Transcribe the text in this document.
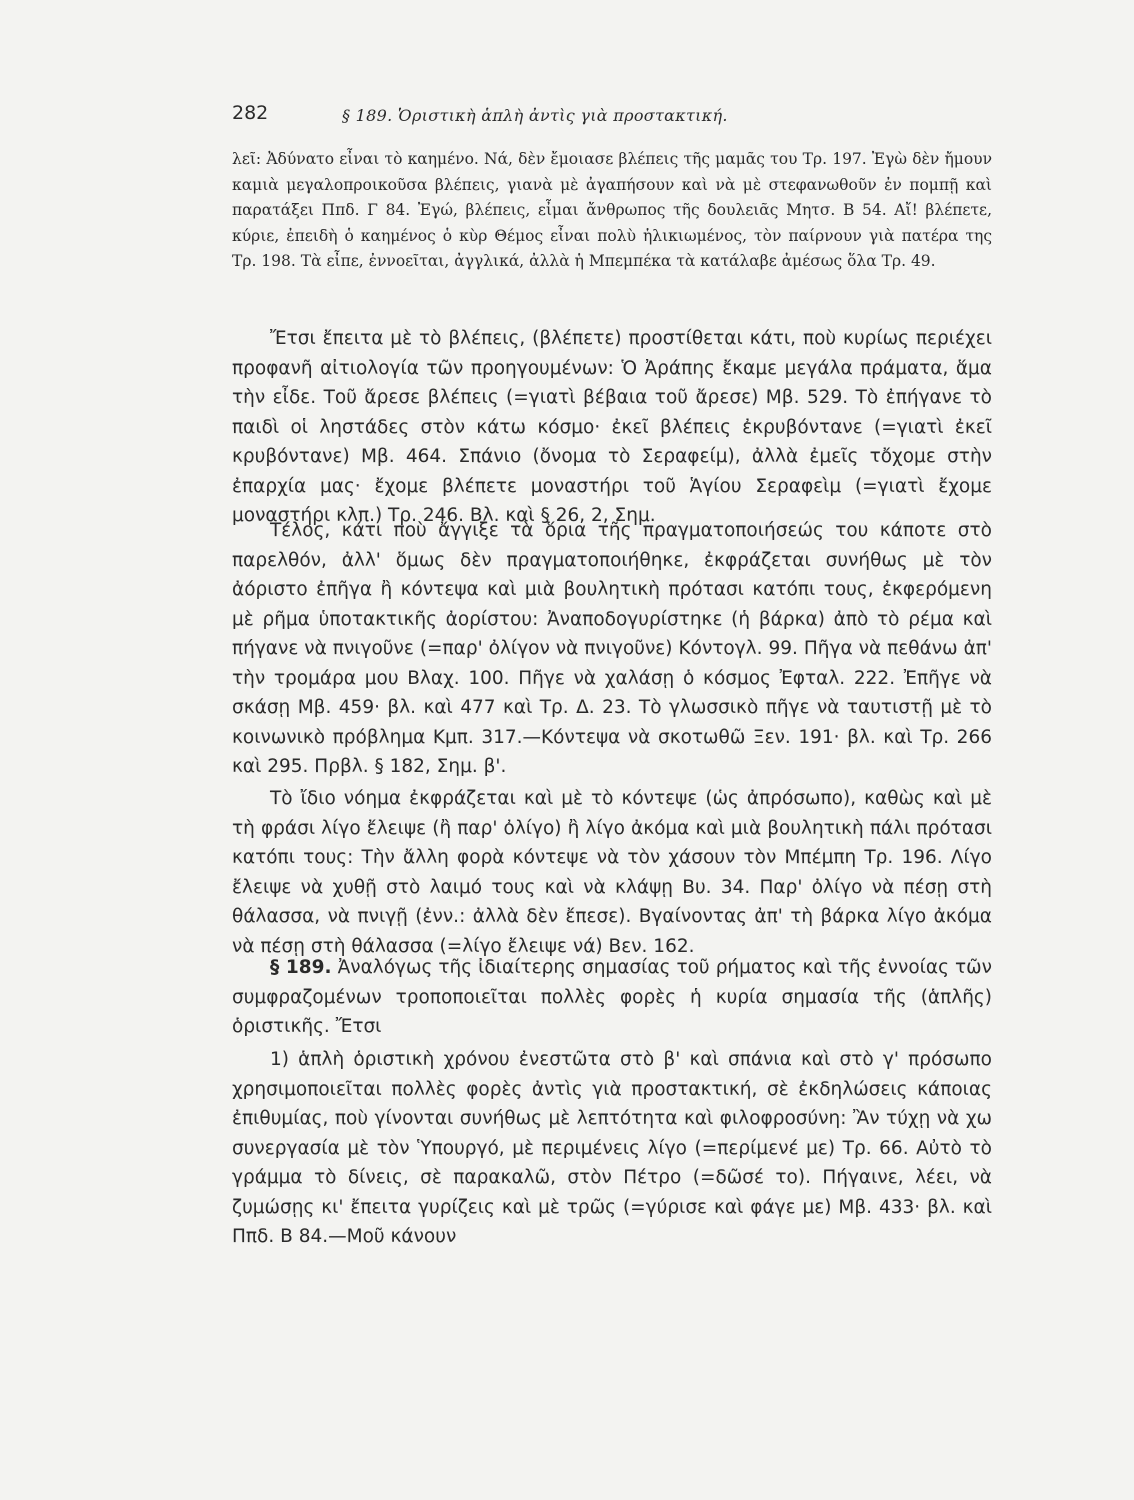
282	§ 189. Ὁριστικὴ ἁπλὴ ἀντὶς γιὰ προστακτική.

λεῖ: Ἀδύνατο εἶναι τὸ καημένο. Νά, δὲν ἔμοιασε βλέπεις τῆς μαμᾶς του Τρ. 197. Ἐγὼ δὲν ἤμουν καμιὰ μεγαλοπροικοῦσα βλέπεις, γιανὰ μὲ ἀγαπήσουν καὶ νὰ μὲ στεφανωθοῦν ἐν πομπῇ καὶ παρατάξει Ππδ. Γ 84. Ἐγώ, βλέπεις, εἶμαι ἄνθρωπος τῆς δουλειᾶς Μητσ. Β 54. Αἴ! βλέπετε, κύριε, ἐπειδὴ ὁ καημένος ὁ κὺρ Θέμος εἶναι πολὺ ἡλικιωμένος, τὸν παίρνουν γιὰ πατέρα της Τρ. 198. Τὰ εἶπε, ἐννοεῖται, ἀγγλικά, ἀλλὰ ἡ Μπεμπέκα τὰ κατάλαβε ἀμέσως ὅλα Τρ. 49.

Ἔτσι ἔπειτα μὲ τὸ βλέπεις, (βλέπετε) προστίθεται κάτι, ποὺ κυρίως περιέχει προφανῆ αἰτιολογία τῶν προηγουμένων: Ὁ Ἀράπης ἔκαμε μεγάλα πράματα, ἅμα τὴν εἶδε. Τοῦ ἄρεσε βλέπεις (=γιατὶ βέβαια τοῦ ἄρεσε) Μβ. 529. Τὸ ἐπήγανε τὸ παιδὶ οἱ ληστάδες στὸν κάτω κόσμο· ἐκεῖ βλέπεις ἐκρυβόντανε (=γιατὶ ἐκεῖ κρυβόντανε) Μβ. 464. Σπάνιο (ὄνομα τὸ Σεραφείμ), ἀλλὰ ἐμεῖς τὄχομε στὴν ἐπαρχία μας· ἔχομε βλέπετε μοναστήρι τοῦ Ἁγίου Σεραφεὶμ (=γιατὶ ἔχομε μοναστήρι κλπ.) Τρ. 246. Βλ. καὶ § 26, 2, Σημ.

Τέλος, κάτι ποὺ ἄγγιξε τὰ ὅρια τῆς πραγματοποιήσεώς του κάποτε στὸ παρελθόν, ἀλλ' ὅμως δὲν πραγματοποιήθηκε, ἐκφράζεται συνήθως μὲ τὸν ἀόριστο ἐπῆγα ἢ κόντεψα καὶ μιὰ βουλητικὴ πρότασι κατόπι τους, ἐκφερόμενη μὲ ρῆμα ὑποτακτικῆς ἀορίστου: Ἀναποδογυρίστηκε (ἡ βάρκα) ἀπὸ τὸ ρέμα καὶ πήγανε νὰ πνιγοῦνε (=παρ' ὀλίγον νὰ πνιγοῦνε) Κόντογλ. 99. Πῆγα νὰ πεθάνω ἀπ' τὴν τρομάρα μου Βλαχ. 100. Πῆγε νὰ χαλάσῃ ὁ κόσμος Ἐφταλ. 222. Ἐπῆγε νὰ σκάσῃ Μβ. 459· βλ. καὶ 477 καὶ Τρ. Δ. 23. Τὸ γλωσσικὸ πῆγε νὰ ταυτιστῇ μὲ τὸ κοινωνικὸ πρόβλημα Κμπ. 317.—Κόντεψα νὰ σκοτωθῶ Ξεν. 191· βλ. καὶ Τρ. 266 καὶ 295. Πρβλ. § 182, Σημ. β'.

Τὸ ἴδιο νόημα ἐκφράζεται καὶ μὲ τὸ κόντεψε (ὡς ἀπρόσωπο), καθὼς καὶ μὲ τὴ φράσι λίγο ἔλειψε (ἢ παρ' ὀλίγο) ἢ λίγο ἀκόμα καὶ μιὰ βουλητικὴ πάλι πρότασι κατόπι τους: Τὴν ἄλλη φορὰ κόντεψε νὰ τὸν χάσουν τὸν Μπέμπη Τρ. 196. Λίγο ἔλειψε νὰ χυθῇ στὸ λαιμό τους καὶ νὰ κλάψῃ Βυ. 34. Παρ' ὀλίγο νὰ πέσῃ στὴ θάλασσα, νὰ πνιγῇ (ἐνν.: ἀλλὰ δὲν ἔπεσε). Βγαίνοντας ἀπ' τὴ βάρκα λίγο ἀκόμα νὰ πέσῃ στὴ θάλασσα (=λίγο ἔλειψε νά) Βεν. 162.

§ 189. Ἀναλόγως τῆς ἰδιαίτερης σημασίας τοῦ ρήματος καὶ τῆς ἐννοίας τῶν συμφραζομένων τροποποιεῖται πολλὲς φορὲς ἡ κυρία σημασία τῆς (ἁπλῆς) ὁριστικῆς. Ἔτσι

1) ἁπλὴ ὁριστικὴ χρόνου ἐνεστῶτα στὸ β' καὶ σπάνια καὶ στὸ γ' πρόσωπο χρησιμοποιεῖται πολλὲς φορὲς ἀντὶς γιὰ προστακτική, σὲ ἐκδηλώσεις κάποιας ἐπιθυμίας, ποὺ γίνονται συνήθως μὲ λεπτότητα καὶ φιλοφροσύνη: Ἂν τύχῃ νὰ χω συνεργασία μὲ τὸν Ὑπουργό, μὲ περιμένεις λίγο (=περίμενέ με) Τρ. 66. Αὐτὸ τὸ γράμμα τὸ δίνεις, σὲ παρακαλῶ, στὸν Πέτρο (=δῶσέ το). Πήγαινε, λέει, νὰ ζυμώσῃς κι' ἔπειτα γυρίζεις καὶ μὲ τρῶς (=γύρισε καὶ φάγε με) Μβ. 433· βλ. καὶ Ππδ. Β 84.—Μοῦ κάνουν
